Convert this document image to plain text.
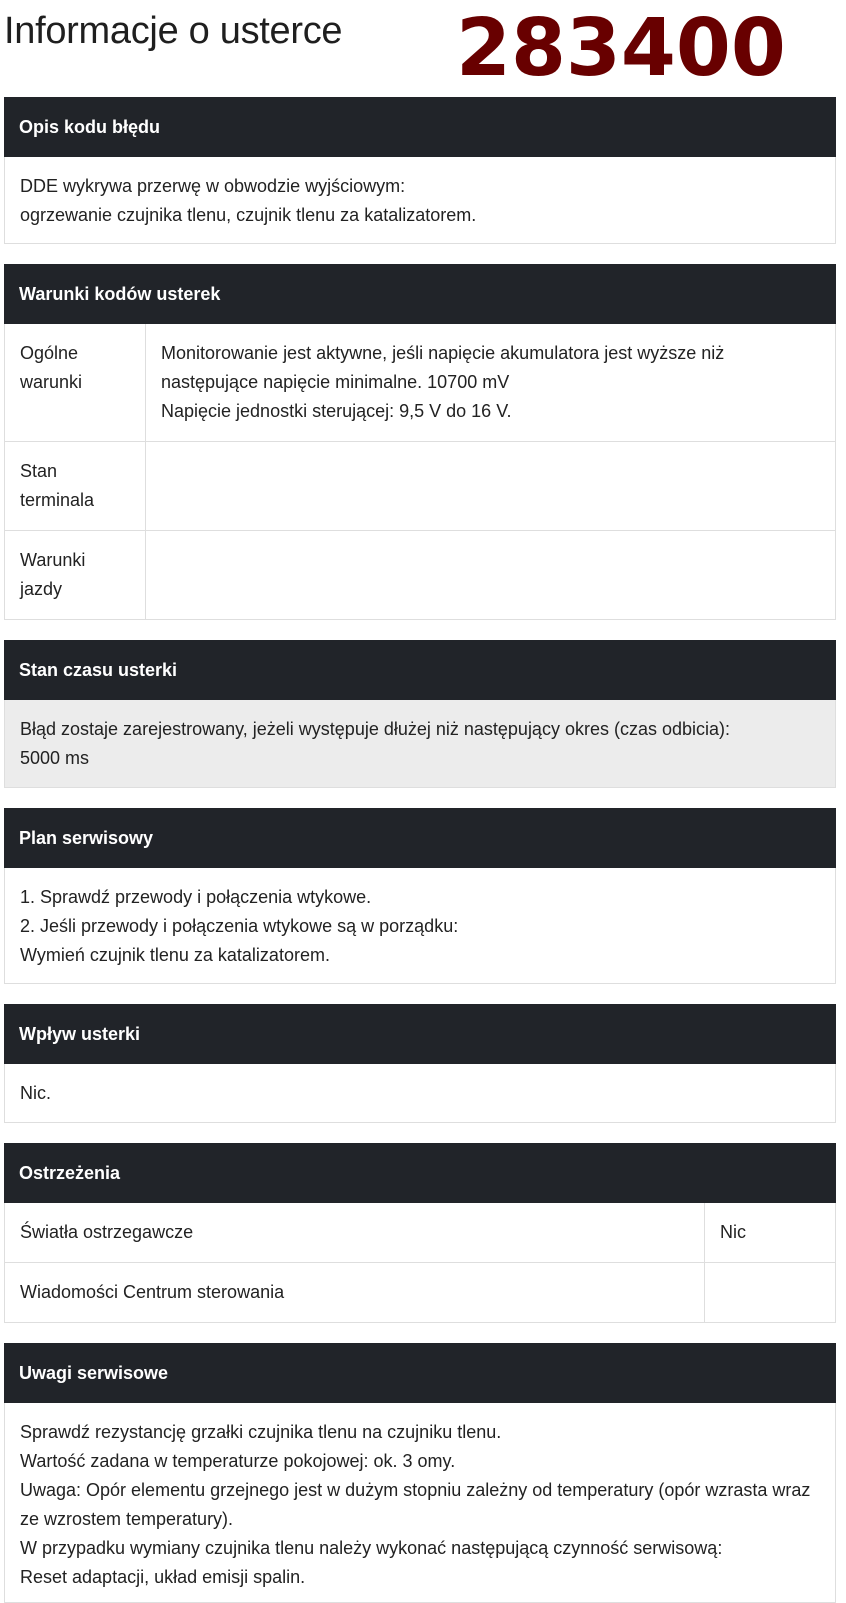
Informacje o usterce 283400
Opis kodu błędu
DDE wykrywa przerwę w obwodzie wyjściowym:
ogrzewanie czujnika tlenu, czujnik tlenu za katalizatorem.
Warunki kodów usterek
Ogólne warunki	Monitorowanie jest aktywne, jeśli napięcie akumulatora jest wyższe niż następujące napięcie minimalne. 10700 mV
Napięcie jednostki sterującej: 9,5 V do 16 V.

Stan terminala	
Warunki jazdy	
Stan czasu usterki
Błąd zostaje zarejestrowany, jeżeli występuje dłużej niż następujący okres (czas odbicia):
5000 ms
Plan serwisowy
1. Sprawdź przewody i połączenia wtykowe.
2. Jeśli przewody i połączenia wtykowe są w porządku:
Wymień czujnik tlenu za katalizatorem.
Wpływ usterki
Nic.
Ostrzeżenia
Światła ostrzegawcze	Nic
Wiadomości Centrum sterowania	
Uwagi serwisowe
Sprawdź rezystancję grzałki czujnika tlenu na czujniku tlenu.
Wartość zadana w temperaturze pokojowej: ok. 3 omy.
Uwaga: Opór elementu grzejnego jest w dużym stopniu zależny od temperatury (opór wzrasta wraz ze wzrostem temperatury).
W przypadku wymiany czujnika tlenu należy wykonać następującą czynność serwisową:
Reset adaptacji, układ emisji spalin.
